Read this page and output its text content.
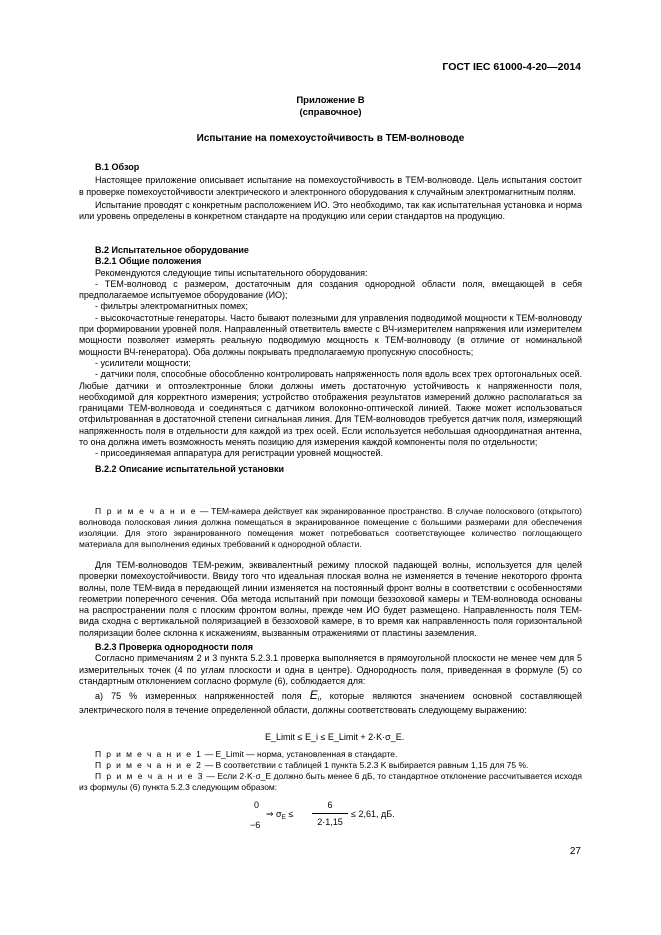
ГОСТ IEC 61000-4-20—2014
Приложение B
(справочное)
Испытание на помехоустойчивость в ТЕМ-волноводе

B.1 Обзор

Настоящее приложение описывает испытание на помехоустойчивость в ТЕМ-волноводе. Цель испытания состоит в проверке помехоустойчивости электрического и электронного оборудования к случайным электромагнитным полям.

Испытание проводят с конкретным расположением ИО. Это необходимо, так как испытательная установка и норма или уровень определены в конкретном стандарте на продукцию или серии стандартов на продукцию.

B.2 Испытательное оборудование

B.2.1 Общие положения

Рекомендуются следующие типы испытательного оборудования:

- ТЕМ-волновод с размером, достаточным для создания однородной области поля, вмещающей в себя предполагаемое испытуемое оборудование (ИО);

- фильтры электромагнитных помех;

- высокочастотные генераторы. Часто бывают полезными для управления подводимой мощности к ТЕМ-волноводу при формировании уровней поля. Направленный ответвитель вместе с ВЧ-измерителем напряжения или измерителем мощности позволяет измерять реальную подводимую мощность к ТЕМ-волноводу (в отличие от номинальной мощности ВЧ-генератора). Оба должны покрывать предполагаемую пропускную способность;

- усилители мощности;

- датчики поля, способные обособленно контролировать напряженность поля вдоль всех трех ортогональных осей. Любые датчики и оптоэлектронные блоки должны иметь достаточную устойчивость к напряженности поля, необходимой для корректного измерения; устройство отображения результатов измерений должно располагаться за границами ТЕМ-волновода и соединяться с датчиком волоконно-оптической линией. Также может использоваться отфильтрованная в достаточной степени сигнальная линия. Для ТЕМ-волноводов требуется датчик поля, измеряющий напряженность поля в отдельности для каждой из трех осей. Если используется небольшая одноординатная антенна, то она должна иметь возможность менять позицию для измерения каждой компоненты поля по отдельности;

- присоединяемая аппаратура для регистрации уровней мощностей.

B.2.2 Описание испытательной установки

П р и м е ч а н и е — ТЕМ-камера действует как экранированное пространство. В случае полоскового (открытого) волновода полосковая линия должна помещаться в экранированное помещение с большими размерами для обеспечения изоляции. Для этого экранированного помещения может потребоваться соответствующее количество поглощающего материала для выполнения единых требований к однородной области.

Для ТЕМ-волноводов ТЕМ-режим, эквивалентный режиму плоской падающей волны, используется для целей проверки помехоустойчивости. Ввиду того что идеальная плоская волна не изменяется в течение некоторого фронта волны, поле ТЕМ-вида в передающей линии изменяется на постоянный фронт волны в соответствии с особенностями геометрии поперечного сечения. Оба метода испытаний при помощи беззоховой камеры и ТЕМ-волновода основаны на распространении поля с плоским фронтом волны, прежде чем ИО будет размещено. Направленность поля ТЕМ-вида сходна с вертикальной поляризацией в беззоховой камере, в то время как направленность поля горизонтальной поляризации более склонна к искажениям, вызванным отражениями от пластины заземления.

B.2.3 Проверка однородности поля

Согласно примечаниям 2 и 3 пункта 5.2.3.1 проверка выполняется в прямоугольной плоскости не менее чем для 5 измерительных точек (4 по углам плоскости и одна в центре). Однородность поля, приведенная в формуле (5) со стандартным отклонением согласно формуле (6), соблюдается для:

а) 75 % измеренных напряженностей поля $E_i$, которые являются значением основной составляющей электрического поля в течение определенной области, должны соответствовать следующему выражению:

E_Limit ≤ E_i ≤ E_Limit + 2·K·σ_E.

П р и м е ч а н и е 1 — E_Limit — норма, установленная в стандарте.

П р и м е ч а н и е 2 — В соответствии с таблицей 1 пункта 5.2.3 K выбирается равным 1,15 для 75 %.

П р и м е ч а н и е 3 — Если 2·K·σ_E должно быть менее 6 дБ, то стандартное отклонение рассчитывается исходя из формулы (6) пункта 5.2.3 следующим образом:

0
−6
⇒ $\sigma_E$ ≤
6
2·1,15
≤ 2,61, дБ.
27
